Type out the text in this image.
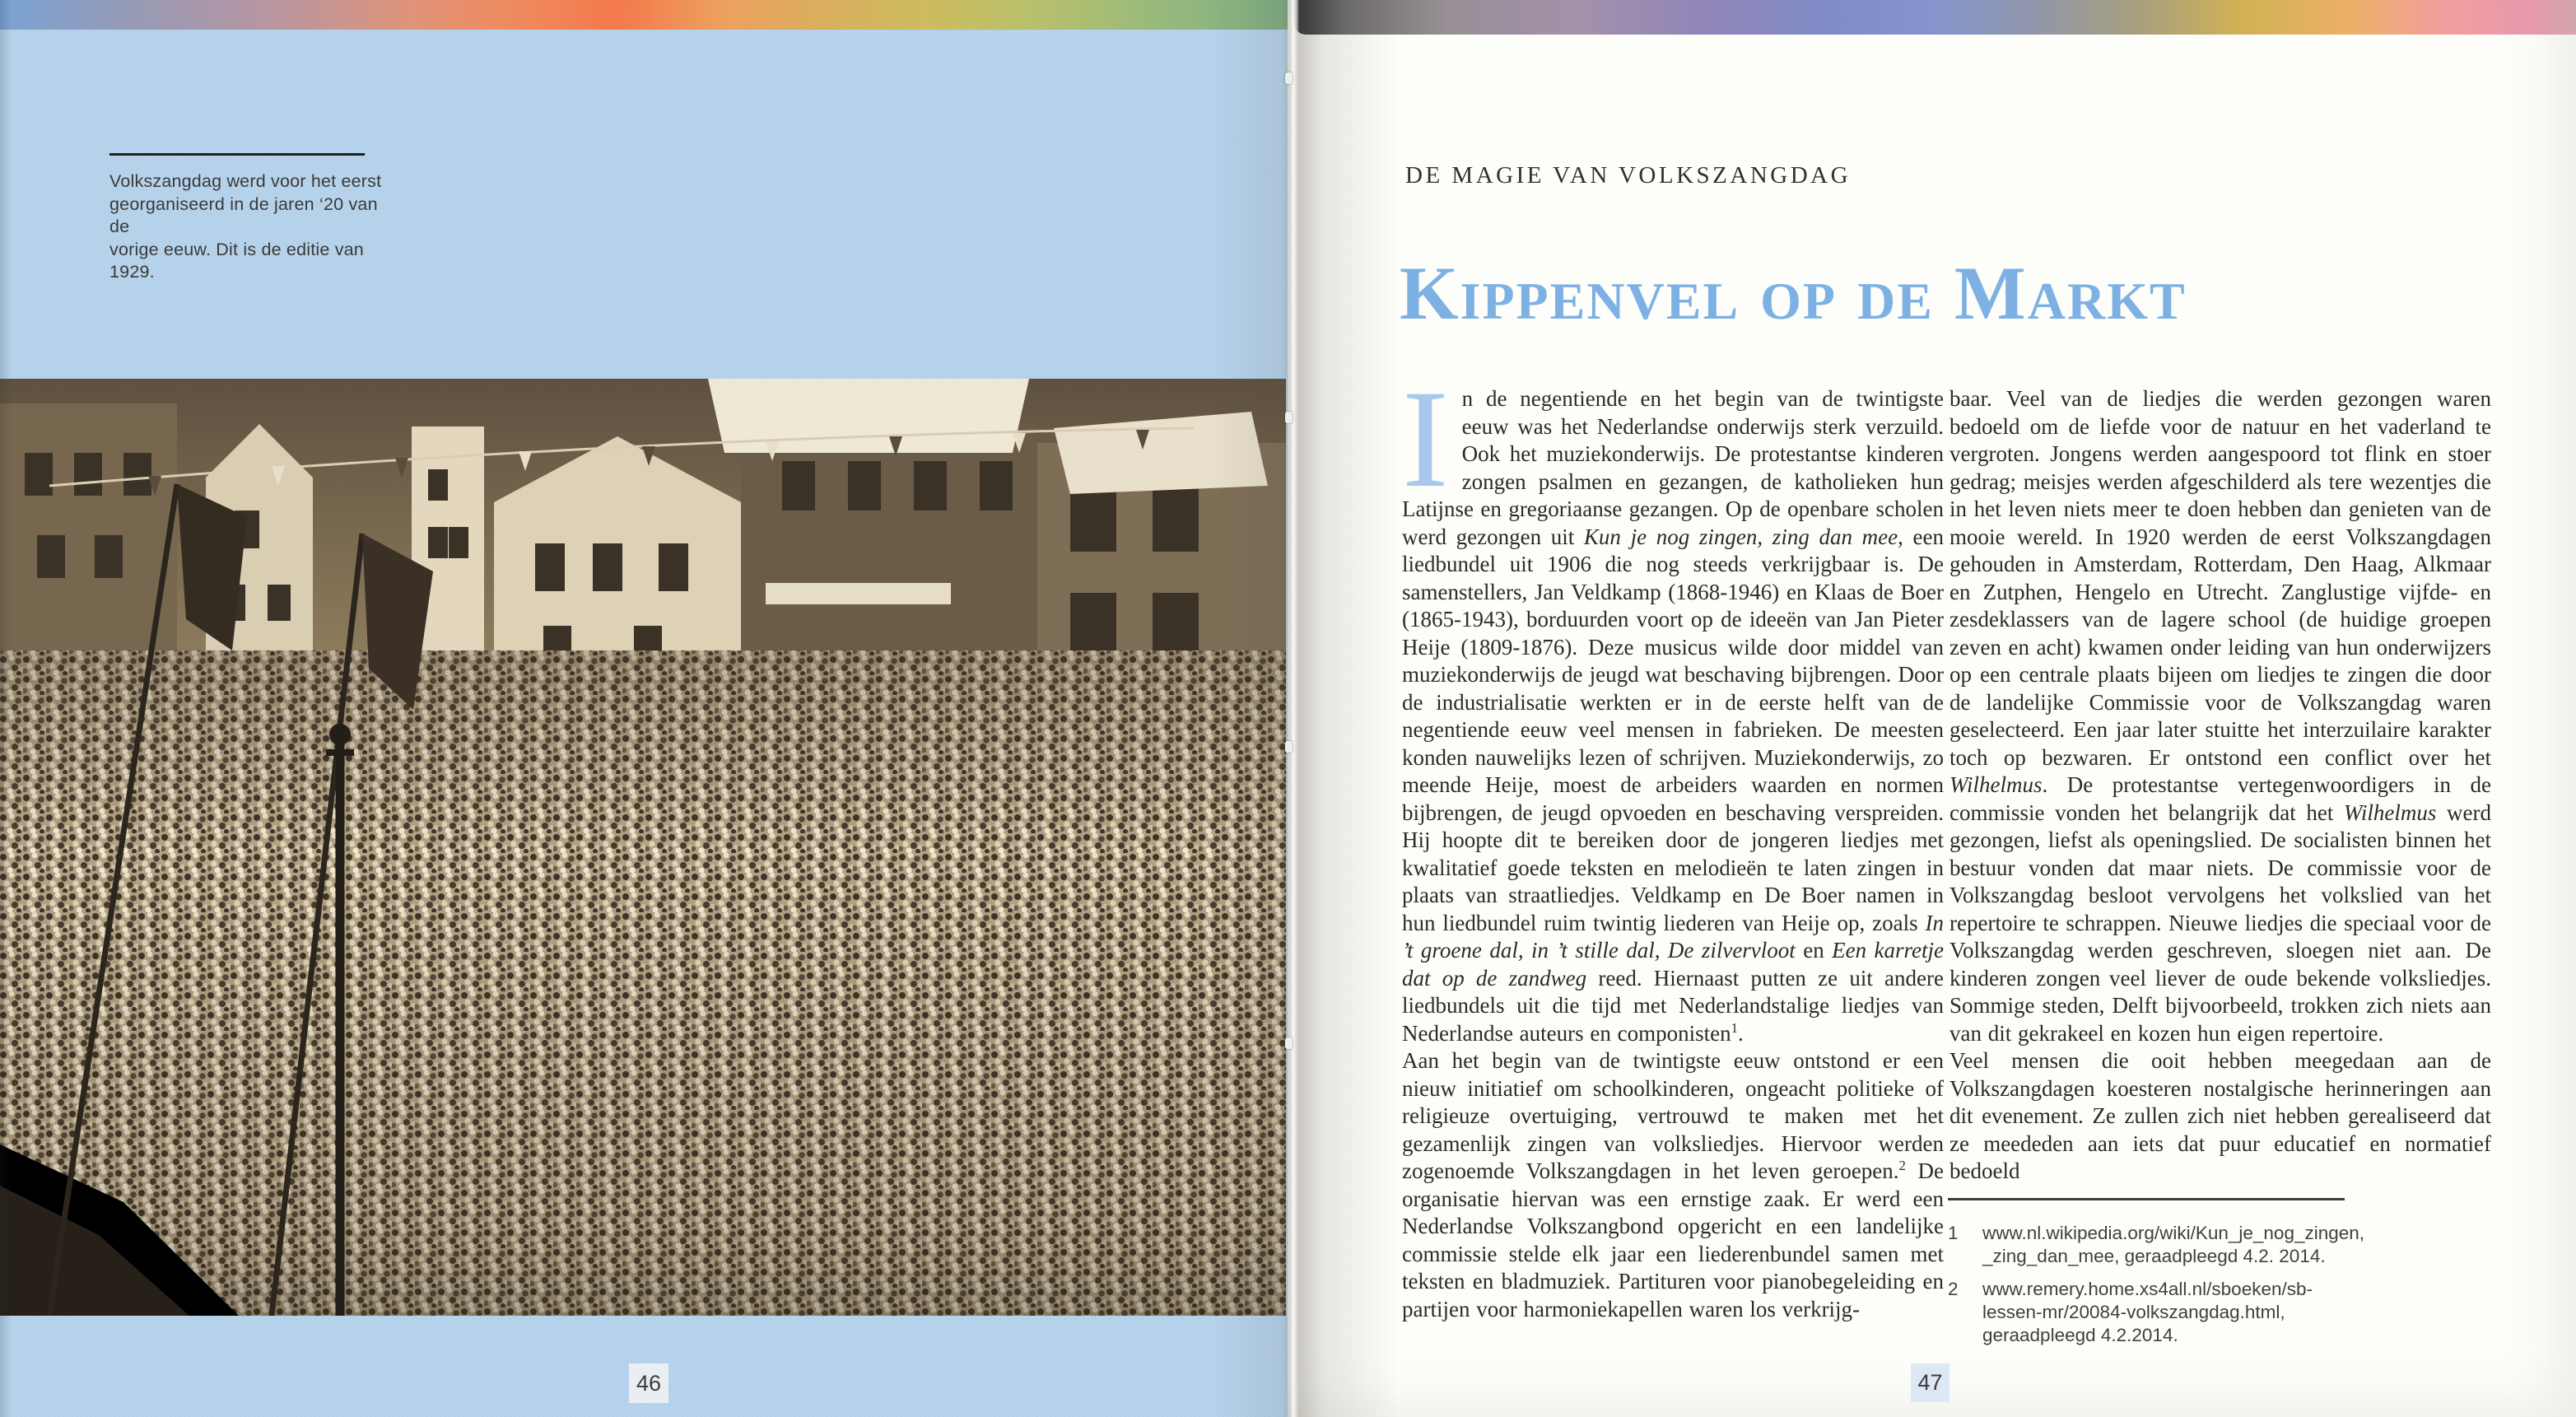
Volkszangdag werd voor het eerst
georganiseerd in de jaren ‘20 van de
vorige eeuw. Dit is de editie van 1929.
46
DE MAGIE VAN VOLKSZANGDAG
Kippenvel op de Markt

In de negentiende en het begin van de twintigste eeuw was het Nederlandse onderwijs sterk verzuild. Ook het muziekonderwijs. De protestantse kinderen zongen psalmen en gezangen, de katholieken hun Latijnse en gregoriaanse gezangen. Op de openbare scholen werd gezongen uit Kun je nog zingen, zing dan mee, een liedbundel uit 1906 die nog steeds verkrijgbaar is. De samenstellers, Jan Veldkamp (1868-1946) en Klaas de Boer (1865-1943), borduurden voort op de ideeën van Jan Pieter Heije (1809-1876). Deze musicus wilde door middel van muziekonderwijs de jeugd wat beschaving bijbrengen. Door de industrialisatie werkten er in de eerste helft van de negentiende eeuw veel mensen in fabrieken. De meesten konden nauwelijks lezen of schrijven. Muziekonderwijs, zo meende Heije, moest de arbeiders waarden en normen bijbrengen, de jeugd opvoeden en beschaving verspreiden. Hij hoopte dit te bereiken door de jongeren liedjes met kwalitatief goede teksten en melodieën te laten zingen in plaats van straatliedjes. Veldkamp en De Boer namen in hun liedbundel ruim twintig liederen van Heije op, zoals In ’t groene dal, in ’t stille dal, De zilvervloot en Een karretje dat op de zandweg reed. Hiernaast putten ze uit andere liedbundels uit die tijd met Nederlandstalige liedjes van Nederlandse auteurs en componisten$^1$.

Aan het begin van de twintigste eeuw ontstond er een nieuw initiatief om schoolkinderen, ongeacht politieke of religieuze overtuiging, vertrouwd te maken met het gezamenlijk zingen van volksliedjes. Hiervoor werden zogenoemde Volkszangdagen in het leven geroepen.$^2$ De organisatie hiervan was een ernstige zaak. Er werd een Nederlandse Volkszangbond opgericht en een landelijke commissie stelde elk jaar een liederenbundel samen met teksten en bladmuziek. Partituren voor pianobegeleiding en partijen voor harmoniekapellen waren los verkrijg-

baar. Veel van de liedjes die werden gezongen waren bedoeld om de liefde voor de natuur en het vaderland te vergroten. Jongens werden aangespoord tot flink en stoer gedrag; meisjes werden afgeschilderd als tere wezentjes die in het leven niets meer te doen hebben dan genieten van de mooie wereld. In 1920 werden de eerst Volkszangdagen gehouden in Amsterdam, Rotterdam, Den Haag, Alkmaar en Zutphen, Hengelo en Utrecht. Zanglustige vijfde- en zesdeklassers van de lagere school (de huidige groepen zeven en acht) kwamen onder leiding van hun onderwijzers op een centrale plaats bijeen om liedjes te zingen die door de landelijke Commissie voor de Volkszangdag waren geselecteerd. Een jaar later stuitte het interzuilaire karakter toch op bezwaren. Er ontstond een conflict over het Wilhelmus. De protestantse vertegenwoordigers in de commissie vonden het belangrijk dat het Wilhelmus werd gezongen, liefst als openingslied. De socialisten binnen het bestuur vonden dat maar niets. De commissie voor de Volkszangdag besloot vervolgens het volkslied van het repertoire te schrappen. Nieuwe liedjes die speciaal voor de Volkszangdag werden geschreven, sloegen niet aan. De kinderen zongen veel liever de oude bekende volksliedjes. Sommige steden, Delft bijvoorbeeld, trokken zich niets aan van dit gekrakeel en kozen hun eigen repertoire.

Veel mensen die ooit hebben meegedaan aan de Volkszangdagen koesteren nostalgische herinneringen aan dit evenement. Ze zullen zich niet hebben gerealiseerd dat ze meededen aan iets dat puur educatief en normatief bedoeld

1	www.nl.wikipedia.org/wiki/Kun_je_nog_zingen,_zing_dan_mee, geraadpleegd 4.2. 2014.
2	www.remery.home.xs4all.nl/sboeken/sb-lessen-mr/20084-volkszangdag.html, geraadpleegd 4.2.2014.
47
